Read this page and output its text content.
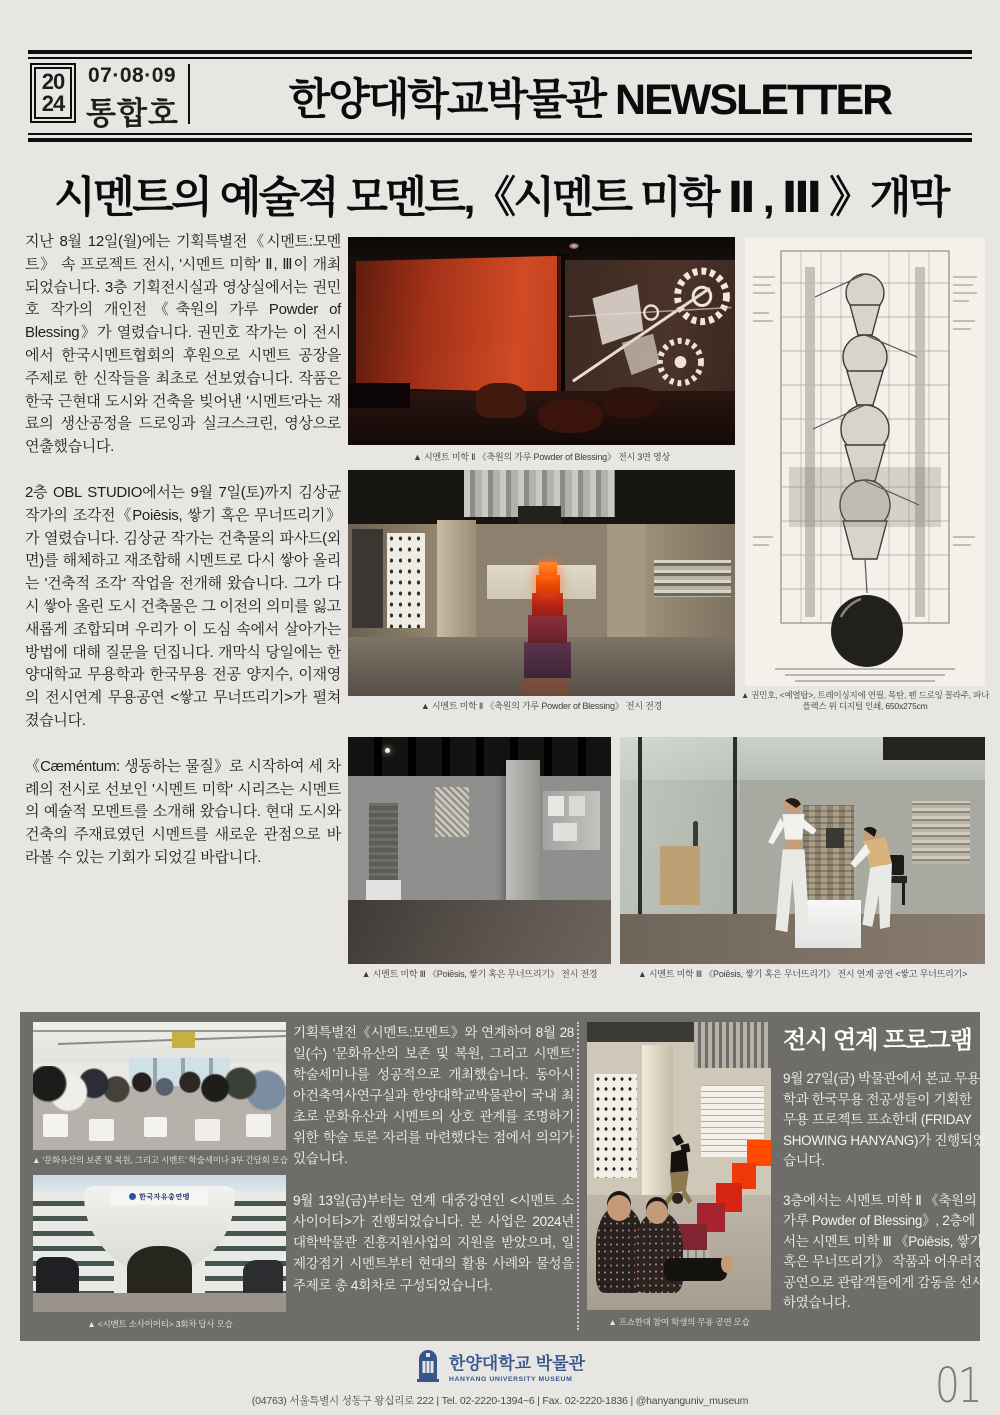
20
24
07·08·09
통합호	한양대학교박물관 NEWSLETTER
시멘트의 예술적 모멘트,《시멘트 미학 Ⅱ , Ⅲ 》개막

지난 8월 12일(월)에는 기획특별전《시멘트:모멘트》 속 프로젝트 전시, '시멘트 미학' Ⅱ, Ⅲ이 개최되었습니다. 3층 기획전시실과 영상실에서는 권민호 작가의 개인전《축원의 가루 Powder of Blessing》가 열렸습니다. 권민호 작가는 이 전시에서 한국시멘트협회의 후원으로 시멘트 공장을 주제로 한 신작들을 최초로 선보였습니다. 작품은 한국 근현대 도시와 건축을 빚어낸 '시멘트'라는 재료의 생산공정을 드로잉과 실크스크린, 영상으로 연출했습니다.

2층 OBL STUDIO에서는 9월 7일(토)까지 김상균 작가의 조각전《Poiēsis, 쌓기 혹은 무너뜨리기》가 열렸습니다. 김상균 작가는 건축물의 파사드(외면)를 해체하고 재조합해 시멘트로 다시 쌓아 올리는 '건축적 조각' 작업을 전개해 왔습니다. 그가 다시 쌓아 올린 도시 건축물은 그 이전의 의미를 잃고 새롭게 조합되며 우리가 이 도심 속에서 살아가는 방법에 대해 질문을 던집니다. 개막식 당일에는 한양대학교 무용학과 한국무용 전공 양지수, 이재영의 전시연계 무용공연 <쌓고 무너뜨리기>가 펼쳐졌습니다.

《Cæméntum: 생동하는 물질》로 시작하여 세 차례의 전시로 선보인 '시멘트 미학' 시리즈는 시멘트의 예술적 모멘트를 소개해 왔습니다. 현대 도시와 건축의 주재료였던 시멘트를 새로운 관점으로 바라볼 수 있는 기회가 되었길 바랍니다.

▲ 시멘트 미학 Ⅱ 《축원의 가루 Powder of Blessing》 전시 3면 영상
▲ 시멘트 미학 Ⅱ 《축원의 가루 Powder of Blessing》 전시 전경
▲ 권민호, <예열탑>, 트레이싱지에 연필, 목탄, 펜 드로잉 꼴라주, 파나플렉스 위 디지털 인쇄, 650x275cm
▲ 시멘트 미학 Ⅲ 《Poiēsis, 쌓기 혹은 무너뜨리기》 전시 전경	▲ 시멘트 미학 Ⅲ 《Poiēsis, 쌓기 혹은 무너뜨리기》 전시 연계 공연 <쌓고 무너뜨리기>
▲ '문화유산의 보존 및 복원, 그리고 시멘트' 학술세미나 3부 간담회 모습
한국자유총연맹
▲ <시멘트 소사이어티> 3회차 답사 모습

기획특별전《시멘트:모멘트》와 연계하여 8월 28일(수) '문화유산의 보존 및 복원, 그리고 시멘트' 학술세미나를 성공적으로 개최했습니다. 동아시아건축역사연구실과 한양대학교박물관이 국내 최초로 문화유산과 시멘트의 상호 관계를 조명하기 위한 학술 토론 자리를 마련했다는 점에서 의의가 있습니다.

9월 13일(금)부터는 연계 대중강연인 <시멘트 소사이어티>가 진행되었습니다. 본 사업은 2024년 대학박물관 진흥지원사업의 지원을 받았으며, 일제강점기 시멘트부터 현대의 활용 사례와 물성을 주제로 총 4회차로 구성되었습니다.

▲ 프쇼한대 참여 학생의 무용 공연 모습
전시 연계 프로그램

9월 27일(금) 박물관에서 본교 무용학과 한국무용 전공생들이 기획한 무용 프로젝트 프쇼한대 (FRIDAY SHOWING HANYANG)가 진행되었습니다.

3층에서는 시멘트 미학 Ⅱ 《축원의 가루 Powder of Blessing》, 2층에서는 시멘트 미학 Ⅲ 《Poiēsis, 쌓기 혹은 무너뜨리기》 작품과 어우러진 공연으로 관람객들에게 감동을 선사하였습니다.

한양대학교 박물관
HANYANG UNIVERSITY MUSEUM
(04763) 서울특별시 성동구 왕십리로 222 | Tel. 02-2220-1394~6 | Fax. 02-2220-1836 | @hanyanguniv_museum	01
